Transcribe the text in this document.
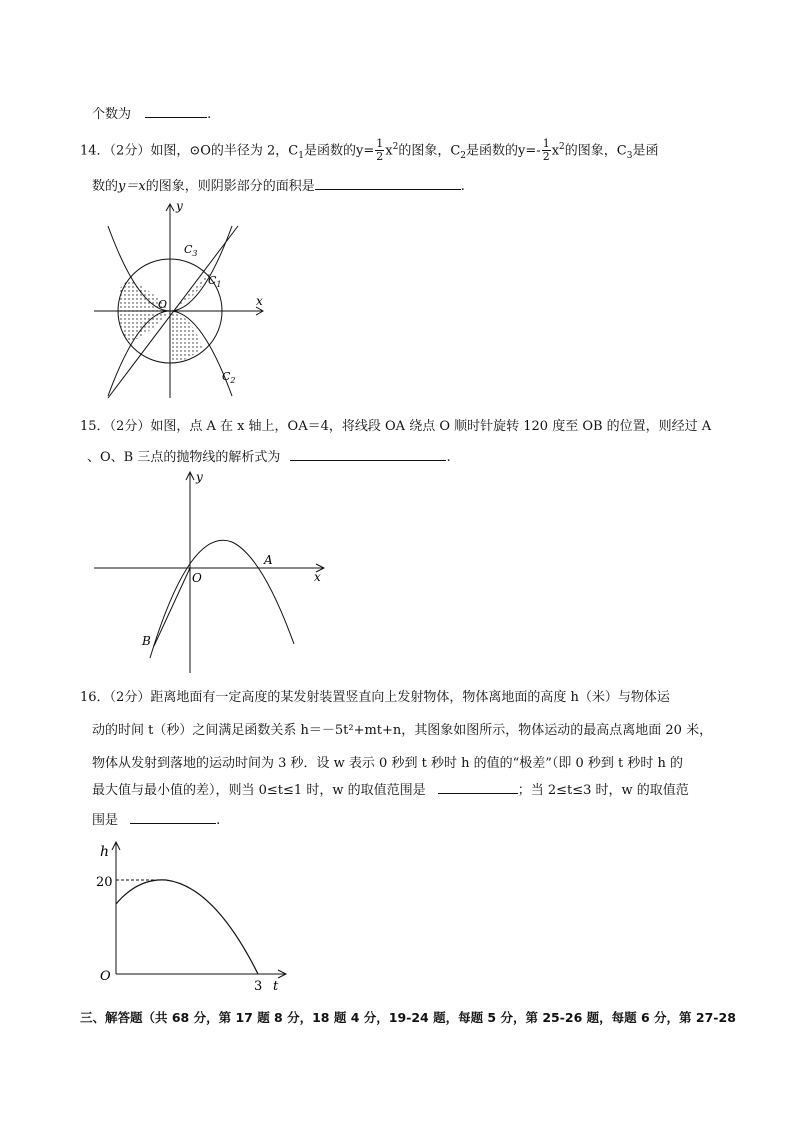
个数为	.
14．（2分）如图，⊙O的半径为 2，$C_1$是函数的$y= \frac{1}{2} x^2$的图象，$C_2$是函数的$y=- \frac{1}{2} x^2$的图象，$C_3$是函
数的y＝x的图象，则阴影部分的面积是	.
y
x
O
$C_3$
$C_1$
$C_2$
15．（2分）如图，点 A 在 x 轴上，OA＝4，将线段 OA 绕点 O 顺时针旋转 120 度至 OB 的位置，则经过 A
、O、B 三点的抛物线的解析式为	.
y
x
O
A
B
16．（2分）距离地面有一定高度的某发射装置竖直向上发射物体，物体离地面的高度 h（米）与物体运
动的时间 t（秒）之间满足函数关系 h＝－5t²+mt+n，其图象如图所示，物体运动的最高点离地面 20 米，
物体从发射到落地的运动时间为 3 秒．设 w 表示 0 秒到 t 秒时 h 的值的“极差”（即 0 秒到 t 秒时 h 的
最大值与最小值的差），则当 0≤t≤1 时，w 的取值范围是	；当 2≤t≤3 时，w 的取值范
围是	.
h
20
O
3 t
三、解答题（共 68 分，第 17 题 8 分，18 题 4 分，19-24 题，每题 5 分，第 25-26 题，每题 6 分，第 27-28
